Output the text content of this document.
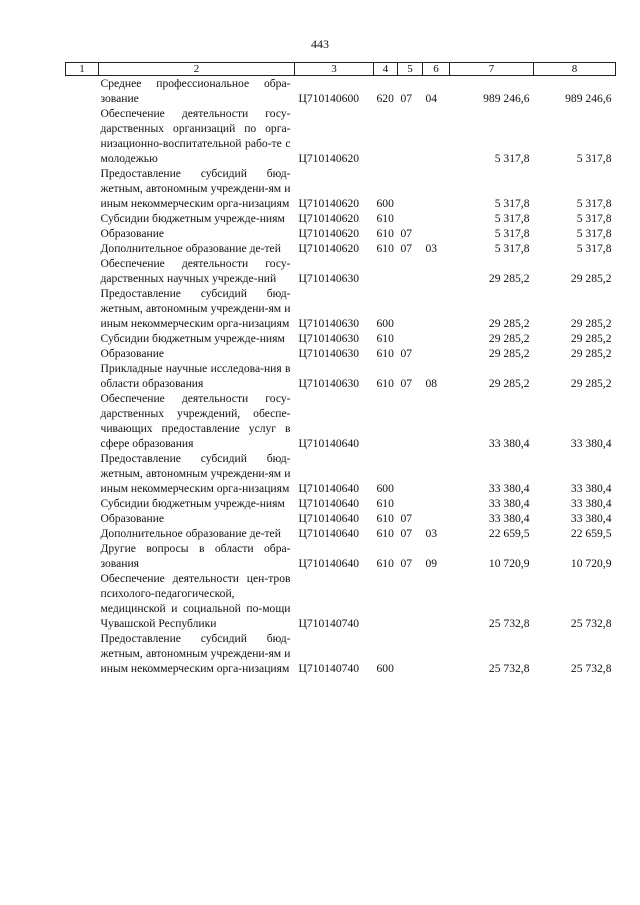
443
1	2	3	4	5	6	7	8
	Среднее профессиональное обра-зование	Ц710140600	620	07	04	989 246,6	989 246,6
	Обеспечение деятельности госу-дарственных организаций по орга-низационно-воспитательной рабо-те с молодежью	Ц710140620				5 317,8	5 317,8
	Предоставление субсидий бюд-жетным, автономным учреждени-ям и иным некоммерческим орга-низациям	Ц710140620	600			5 317,8	5 317,8
	Субсидии бюджетным учрежде-ниям	Ц710140620	610			5 317,8	5 317,8
	Образование	Ц710140620	610	07		5 317,8	5 317,8
	Дополнительное образование де-тей	Ц710140620	610	07	03	5 317,8	5 317,8
	Обеспечение деятельности госу-дарственных научных учрежде-ний	Ц710140630				29 285,2	29 285,2
	Предоставление субсидий бюд-жетным, автономным учреждени-ям и иным некоммерческим орга-низациям	Ц710140630	600			29 285,2	29 285,2
	Субсидии бюджетным учрежде-ниям	Ц710140630	610			29 285,2	29 285,2
	Образование	Ц710140630	610	07		29 285,2	29 285,2
	Прикладные научные исследова-ния в области образования	Ц710140630	610	07	08	29 285,2	29 285,2
	Обеспечение деятельности госу-дарственных учреждений, обеспе-чивающих предоставление услуг в сфере образования	Ц710140640				33 380,4	33 380,4
	Предоставление субсидий бюд-жетным, автономным учреждени-ям и иным некоммерческим орга-низациям	Ц710140640	600			33 380,4	33 380,4
	Субсидии бюджетным учрежде-ниям	Ц710140640	610			33 380,4	33 380,4
	Образование	Ц710140640	610	07		33 380,4	33 380,4
	Дополнительное образование де-тей	Ц710140640	610	07	03	22 659,5	22 659,5
	Другие вопросы в области обра-зования	Ц710140640	610	07	09	10 720,9	10 720,9
	Обеспечение деятельности цен-тров психолого-педагогической, медицинской и социальной по-мощи Чувашской Республики	Ц710140740				25 732,8	25 732,8
	Предоставление субсидий бюд-жетным, автономным учреждени-ям и иным некоммерческим орга-низациям	Ц710140740	600			25 732,8	25 732,8
